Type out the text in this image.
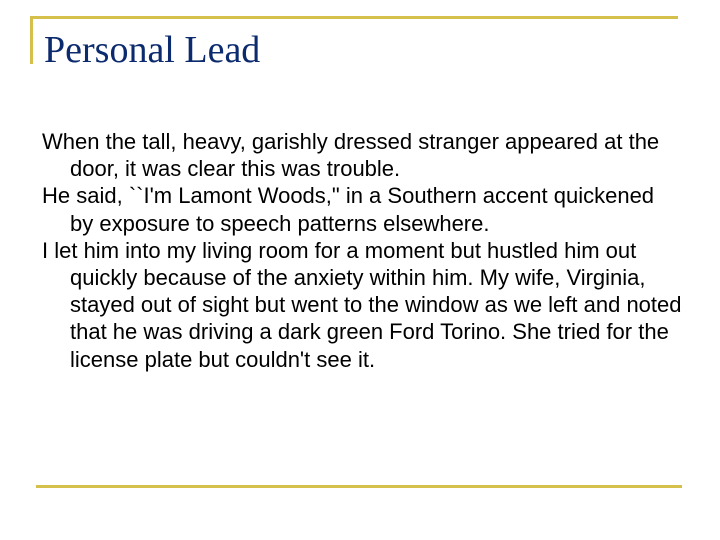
Personal Lead

When the tall, heavy, garishly dressed stranger appeared at the door, it was clear this was trouble.

He said, ``I'm Lamont Woods," in a Southern accent quickened by exposure to speech patterns elsewhere.

I let him into my living room for a moment but hustled him out quickly because of the anxiety within him. My wife, Virginia, stayed out of sight but went to the window as we left and noted that he was driving a dark green Ford Torino. She tried for the license plate but couldn't see it.
